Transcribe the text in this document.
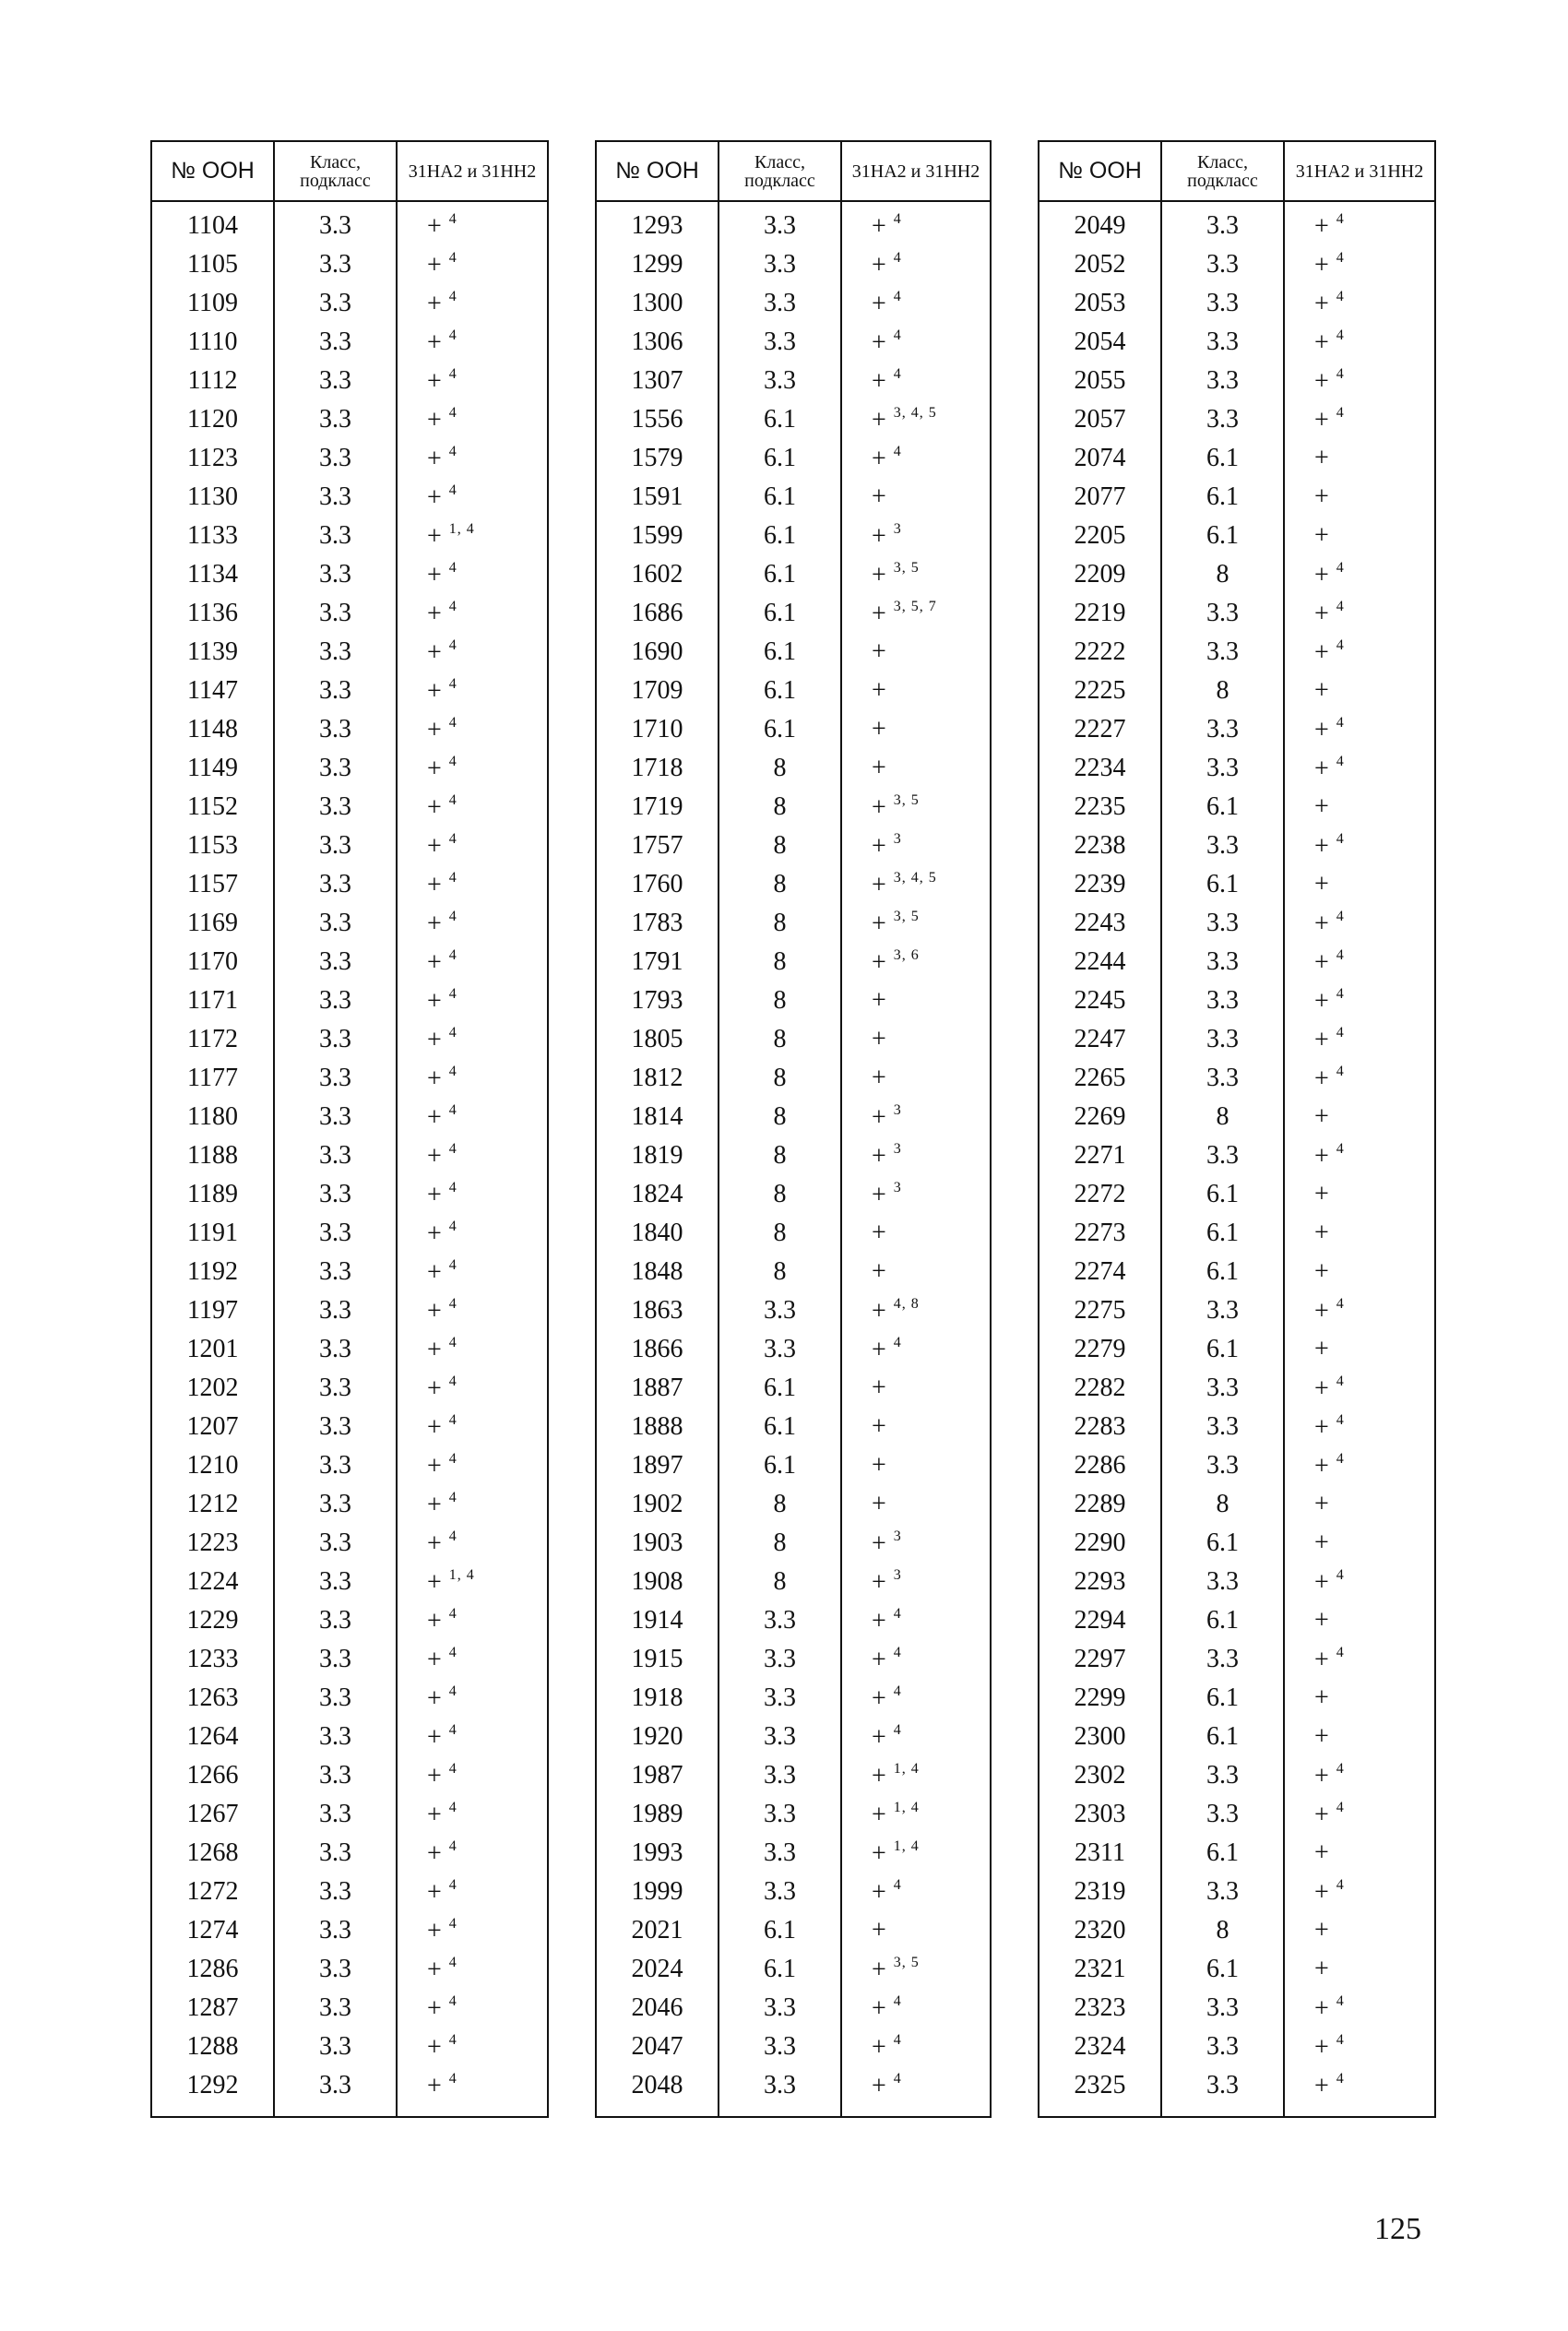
№ ООН	Класс, подкласс	31НА2 и 31НН2
1104	3.3	+ $^4$
1105	3.3	+ $^4$
1109	3.3	+ $^4$
1110	3.3	+ $^4$
1112	3.3	+ $^4$
1120	3.3	+ $^4$
1123	3.3	+ $^4$
1130	3.3	+ $^4$
1133	3.3	+ $^{1, 4}$
1134	3.3	+ $^4$
1136	3.3	+ $^4$
1139	3.3	+ $^4$
1147	3.3	+ $^4$
1148	3.3	+ $^4$
1149	3.3	+ $^4$
1152	3.3	+ $^4$
1153	3.3	+ $^4$
1157	3.3	+ $^4$
1169	3.3	+ $^4$
1170	3.3	+ $^4$
1171	3.3	+ $^4$
1172	3.3	+ $^4$
1177	3.3	+ $^4$
1180	3.3	+ $^4$
1188	3.3	+ $^4$
1189	3.3	+ $^4$
1191	3.3	+ $^4$
1192	3.3	+ $^4$
1197	3.3	+ $^4$
1201	3.3	+ $^4$
1202	3.3	+ $^4$
1207	3.3	+ $^4$
1210	3.3	+ $^4$
1212	3.3	+ $^4$
1223	3.3	+ $^4$
1224	3.3	+ $^{1, 4}$
1229	3.3	+ $^4$
1233	3.3	+ $^4$
1263	3.3	+ $^4$
1264	3.3	+ $^4$
1266	3.3	+ $^4$
1267	3.3	+ $^4$
1268	3.3	+ $^4$
1272	3.3	+ $^4$
1274	3.3	+ $^4$
1286	3.3	+ $^4$
1287	3.3	+ $^4$
1288	3.3	+ $^4$
1292	3.3	+ $^4$
№ ООН	Класс, подкласс	31НА2 и 31НН2
1293	3.3	+ $^4$
1299	3.3	+ $^4$
1300	3.3	+ $^4$
1306	3.3	+ $^4$
1307	3.3	+ $^4$
1556	6.1	+ $^{3, 4, 5}$
1579	6.1	+ $^4$
1591	6.1	+
1599	6.1	+ $^3$
1602	6.1	+ $^{3, 5}$
1686	6.1	+ $^{3, 5, 7}$
1690	6.1	+
1709	6.1	+
1710	6.1	+
1718	8	+
1719	8	+ $^{3, 5}$
1757	8	+ $^3$
1760	8	+ $^{3, 4, 5}$
1783	8	+ $^{3, 5}$
1791	8	+ $^{3, 6}$
1793	8	+
1805	8	+
1812	8	+
1814	8	+ $^3$
1819	8	+ $^3$
1824	8	+ $^3$
1840	8	+
1848	8	+
1863	3.3	+ $^{4, 8}$
1866	3.3	+ $^4$
1887	6.1	+
1888	6.1	+
1897	6.1	+
1902	8	+
1903	8	+ $^3$
1908	8	+ $^3$
1914	3.3	+ $^4$
1915	3.3	+ $^4$
1918	3.3	+ $^4$
1920	3.3	+ $^4$
1987	3.3	+ $^{1, 4}$
1989	3.3	+ $^{1, 4}$
1993	3.3	+ $^{1, 4}$
1999	3.3	+ $^4$
2021	6.1	+
2024	6.1	+ $^{3, 5}$
2046	3.3	+ $^4$
2047	3.3	+ $^4$
2048	3.3	+ $^4$
№ ООН	Класс, подкласс	31НА2 и 31НН2
2049	3.3	+ $^4$
2052	3.3	+ $^4$
2053	3.3	+ $^4$
2054	3.3	+ $^4$
2055	3.3	+ $^4$
2057	3.3	+ $^4$
2074	6.1	+
2077	6.1	+
2205	6.1	+
2209	8	+ $^4$
2219	3.3	+ $^4$
2222	3.3	+ $^4$
2225	8	+
2227	3.3	+ $^4$
2234	3.3	+ $^4$
2235	6.1	+
2238	3.3	+ $^4$
2239	6.1	+
2243	3.3	+ $^4$
2244	3.3	+ $^4$
2245	3.3	+ $^4$
2247	3.3	+ $^4$
2265	3.3	+ $^4$
2269	8	+
2271	3.3	+ $^4$
2272	6.1	+
2273	6.1	+
2274	6.1	+
2275	3.3	+ $^4$
2279	6.1	+
2282	3.3	+ $^4$
2283	3.3	+ $^4$
2286	3.3	+ $^4$
2289	8	+
2290	6.1	+
2293	3.3	+ $^4$
2294	6.1	+
2297	3.3	+ $^4$
2299	6.1	+
2300	6.1	+
2302	3.3	+ $^4$
2303	3.3	+ $^4$
2311	6.1	+
2319	3.3	+ $^4$
2320	8	+
2321	6.1	+
2323	3.3	+ $^4$
2324	3.3	+ $^4$
2325	3.3	+ $^4$
125
